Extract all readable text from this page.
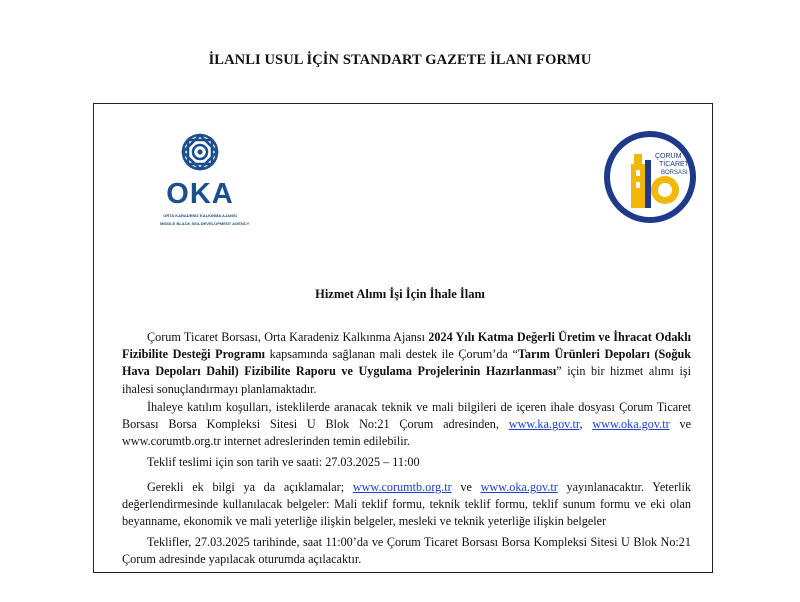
İLANLI USUL İÇİN STANDART GAZETE İLANI FORMU
OKA
ORTA KARADENİZ KALKINMA AJANSI
MIDDLE BLACK SEA DEVELOPMENT AGENCY
ÇORUM
TİCARET
BORSASI
Hizmet Alımı İşi İçin İhale İlanı
Çorum Ticaret Borsası, Orta Karadeniz Kalkınma Ajansı 2024 Yılı Katma Değerli Üretim ve İhracat Odaklı Fizibilite Desteği Programı kapsamında sağlanan mali destek ile Çorum’da “Tarım Ürünleri Depoları (Soğuk Hava Depoları Dahil) Fizibilite Raporu ve Uygulama Projelerinin Hazırlanması” için bir hizmet alımı işi ihalesi sonuçlandırmayı planlamaktadır.
İhaleye katılım koşulları, isteklilerde aranacak teknik ve mali bilgileri de içeren ihale dosyası Çorum Ticaret Borsası Borsa Kompleksi Sitesi U Blok No:21 Çorum adresinden, www.ka.gov.tr, www.oka.gov.tr ve www.corumtb.org.tr internet adreslerinden temin edilebilir.
Teklif teslimi için son tarih ve saati: 27.03.2025 – 11:00
Gerekli ek bilgi ya da açıklamalar; www.corumtb.org.tr ve www.oka.gov.tr yayınlanacaktır. Yeterlik değerlendirmesinde kullanılacak belgeler: Mali teklif formu, teknik teklif formu, teklif sunum formu ve eki olan beyanname, ekonomik ve mali yeterliğe ilişkin belgeler, mesleki ve teknik yeterliğe ilişkin belgeler
Teklifler, 27.03.2025 tarihinde, saat 11:00’da ve Çorum Ticaret Borsası Borsa Kompleksi Sitesi U Blok No:21 Çorum adresinde yapılacak oturumda açılacaktır.
